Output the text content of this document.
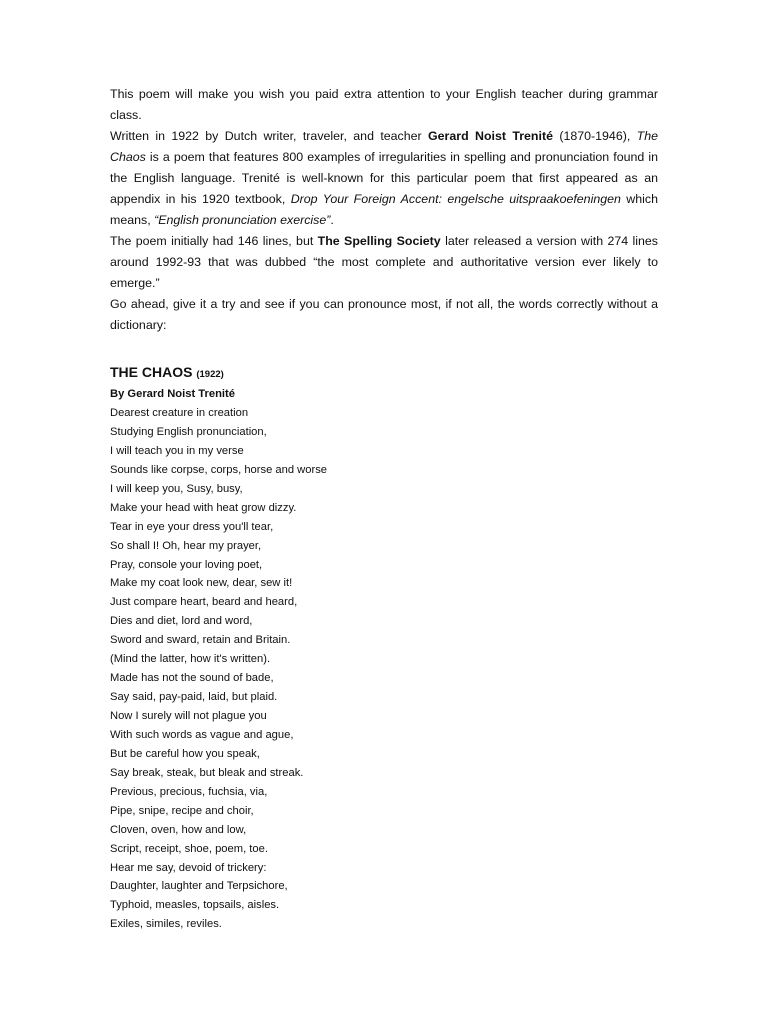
This poem will make you wish you paid extra attention to your English teacher during grammar class.

Written in 1922 by Dutch writer, traveler, and teacher Gerard Noist Trenité (1870-1946), The Chaos is a poem that features 800 examples of irregularities in spelling and pronunciation found in the English language. Trenité is well-known for this particular poem that first appeared as an appendix in his 1920 textbook, Drop Your Foreign Accent: engelsche uitspraakoefeningen which means, “English pronunciation exercise”.

The poem initially had 146 lines, but The Spelling Society later released a version with 274 lines around 1992-93 that was dubbed “the most complete and authoritative version ever likely to emerge.”

Go ahead, give it a try and see if you can pronounce most, if not all, the words correctly without a dictionary:

THE CHAOS (1922)

By Gerard Noist Trenité

Dearest creature in creation
Studying English pronunciation,
I will teach you in my verse
Sounds like corpse, corps, horse and worse
I will keep you, Susy, busy,
Make your head with heat grow dizzy.
Tear in eye your dress you'll tear,
So shall I! Oh, hear my prayer,
Pray, console your loving poet,
Make my coat look new, dear, sew it!
Just compare heart, beard and heard,
Dies and diet, lord and word,
Sword and sward, retain and Britain.
(Mind the latter, how it's written).
Made has not the sound of bade,
Say said, pay-paid, laid, but plaid.
Now I surely will not plague you
With such words as vague and ague,
But be careful how you speak,
Say break, steak, but bleak and streak.
Previous, precious, fuchsia, via,
Pipe, snipe, recipe and choir,
Cloven, oven, how and low,
Script, receipt, shoe, poem, toe.
Hear me say, devoid of trickery:
Daughter, laughter and Terpsichore,
Typhoid, measles, topsails, aisles.
Exiles, similes, reviles.
